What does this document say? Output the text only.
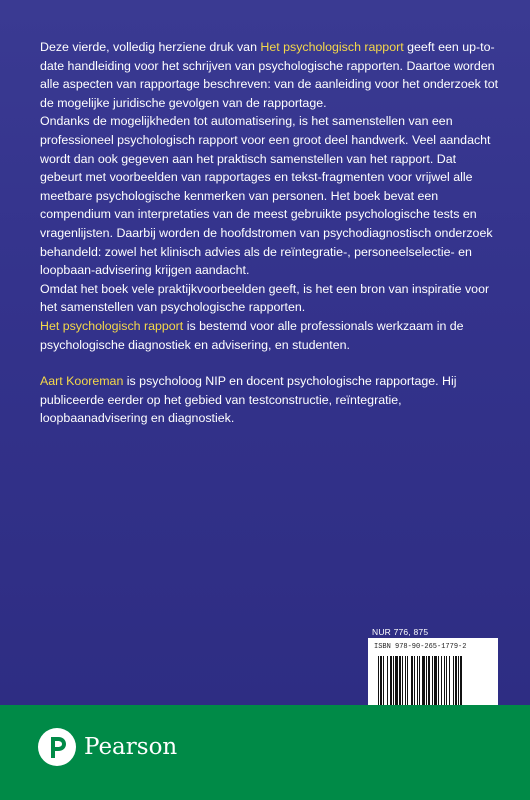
Deze vierde, volledig herziene druk van Het psychologisch rapport geeft een up-to-date handleiding voor het schrijven van psychologische rapporten. Daartoe worden alle aspecten van rapportage beschreven: van de aanleiding voor het onderzoek tot de mogelijke juridische gevolgen van de rapportage.

Ondanks de mogelijkheden tot automatisering, is het samenstellen van een professioneel psychologisch rapport voor een groot deel handwerk. Veel aandacht wordt dan ook gegeven aan het praktisch samenstellen van het rapport. Dat gebeurt met voorbeelden van rapportages en tekst-fragmenten voor vrijwel alle meetbare psychologische kenmerken van personen. Het boek bevat een compendium van interpretaties van de meest gebruikte psychologische tests en vragenlijsten. Daarbij worden de hoofdstromen van psychodiagnostisch onderzoek behandeld: zowel het klinisch advies als de reïntegratie-, personeelselectie- en loopbaan-advisering krijgen aandacht.

Omdat het boek vele praktijkvoorbeelden geeft, is het een bron van inspiratie voor het samenstellen van psychologische rapporten.

Het psychologisch rapport is bestemd voor alle professionals werkzaam in de psychologische diagnostiek en advisering, en studenten.

Aart Kooreman is psycholoog NIP en docent psychologische rapportage. Hij publiceerde eerder op het gebied van testconstructie, reïntegratie, loopbaanadvisering en diagnostiek.

NUR 776, 875
ISBN 978-90-265-1779-2
Pearson
